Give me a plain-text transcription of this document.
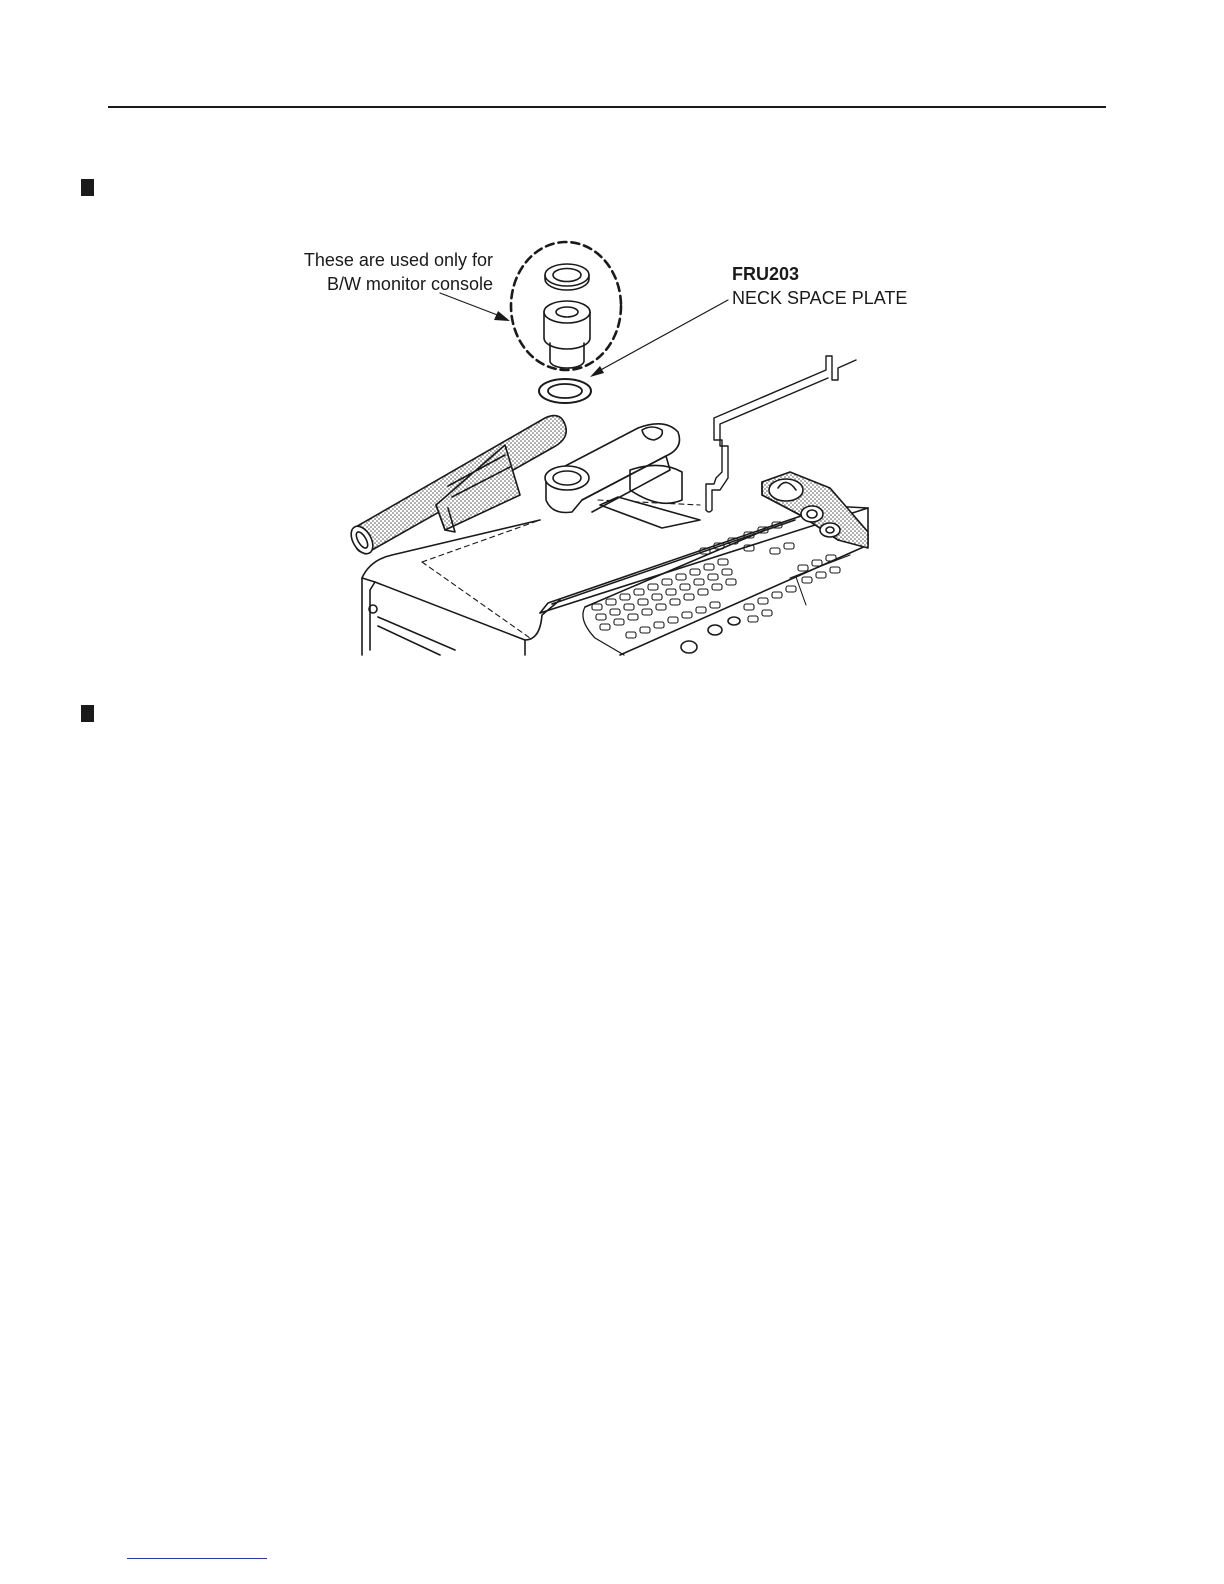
These are used only for
B/W monitor console	FRU203
NECK SPACE PLATE
